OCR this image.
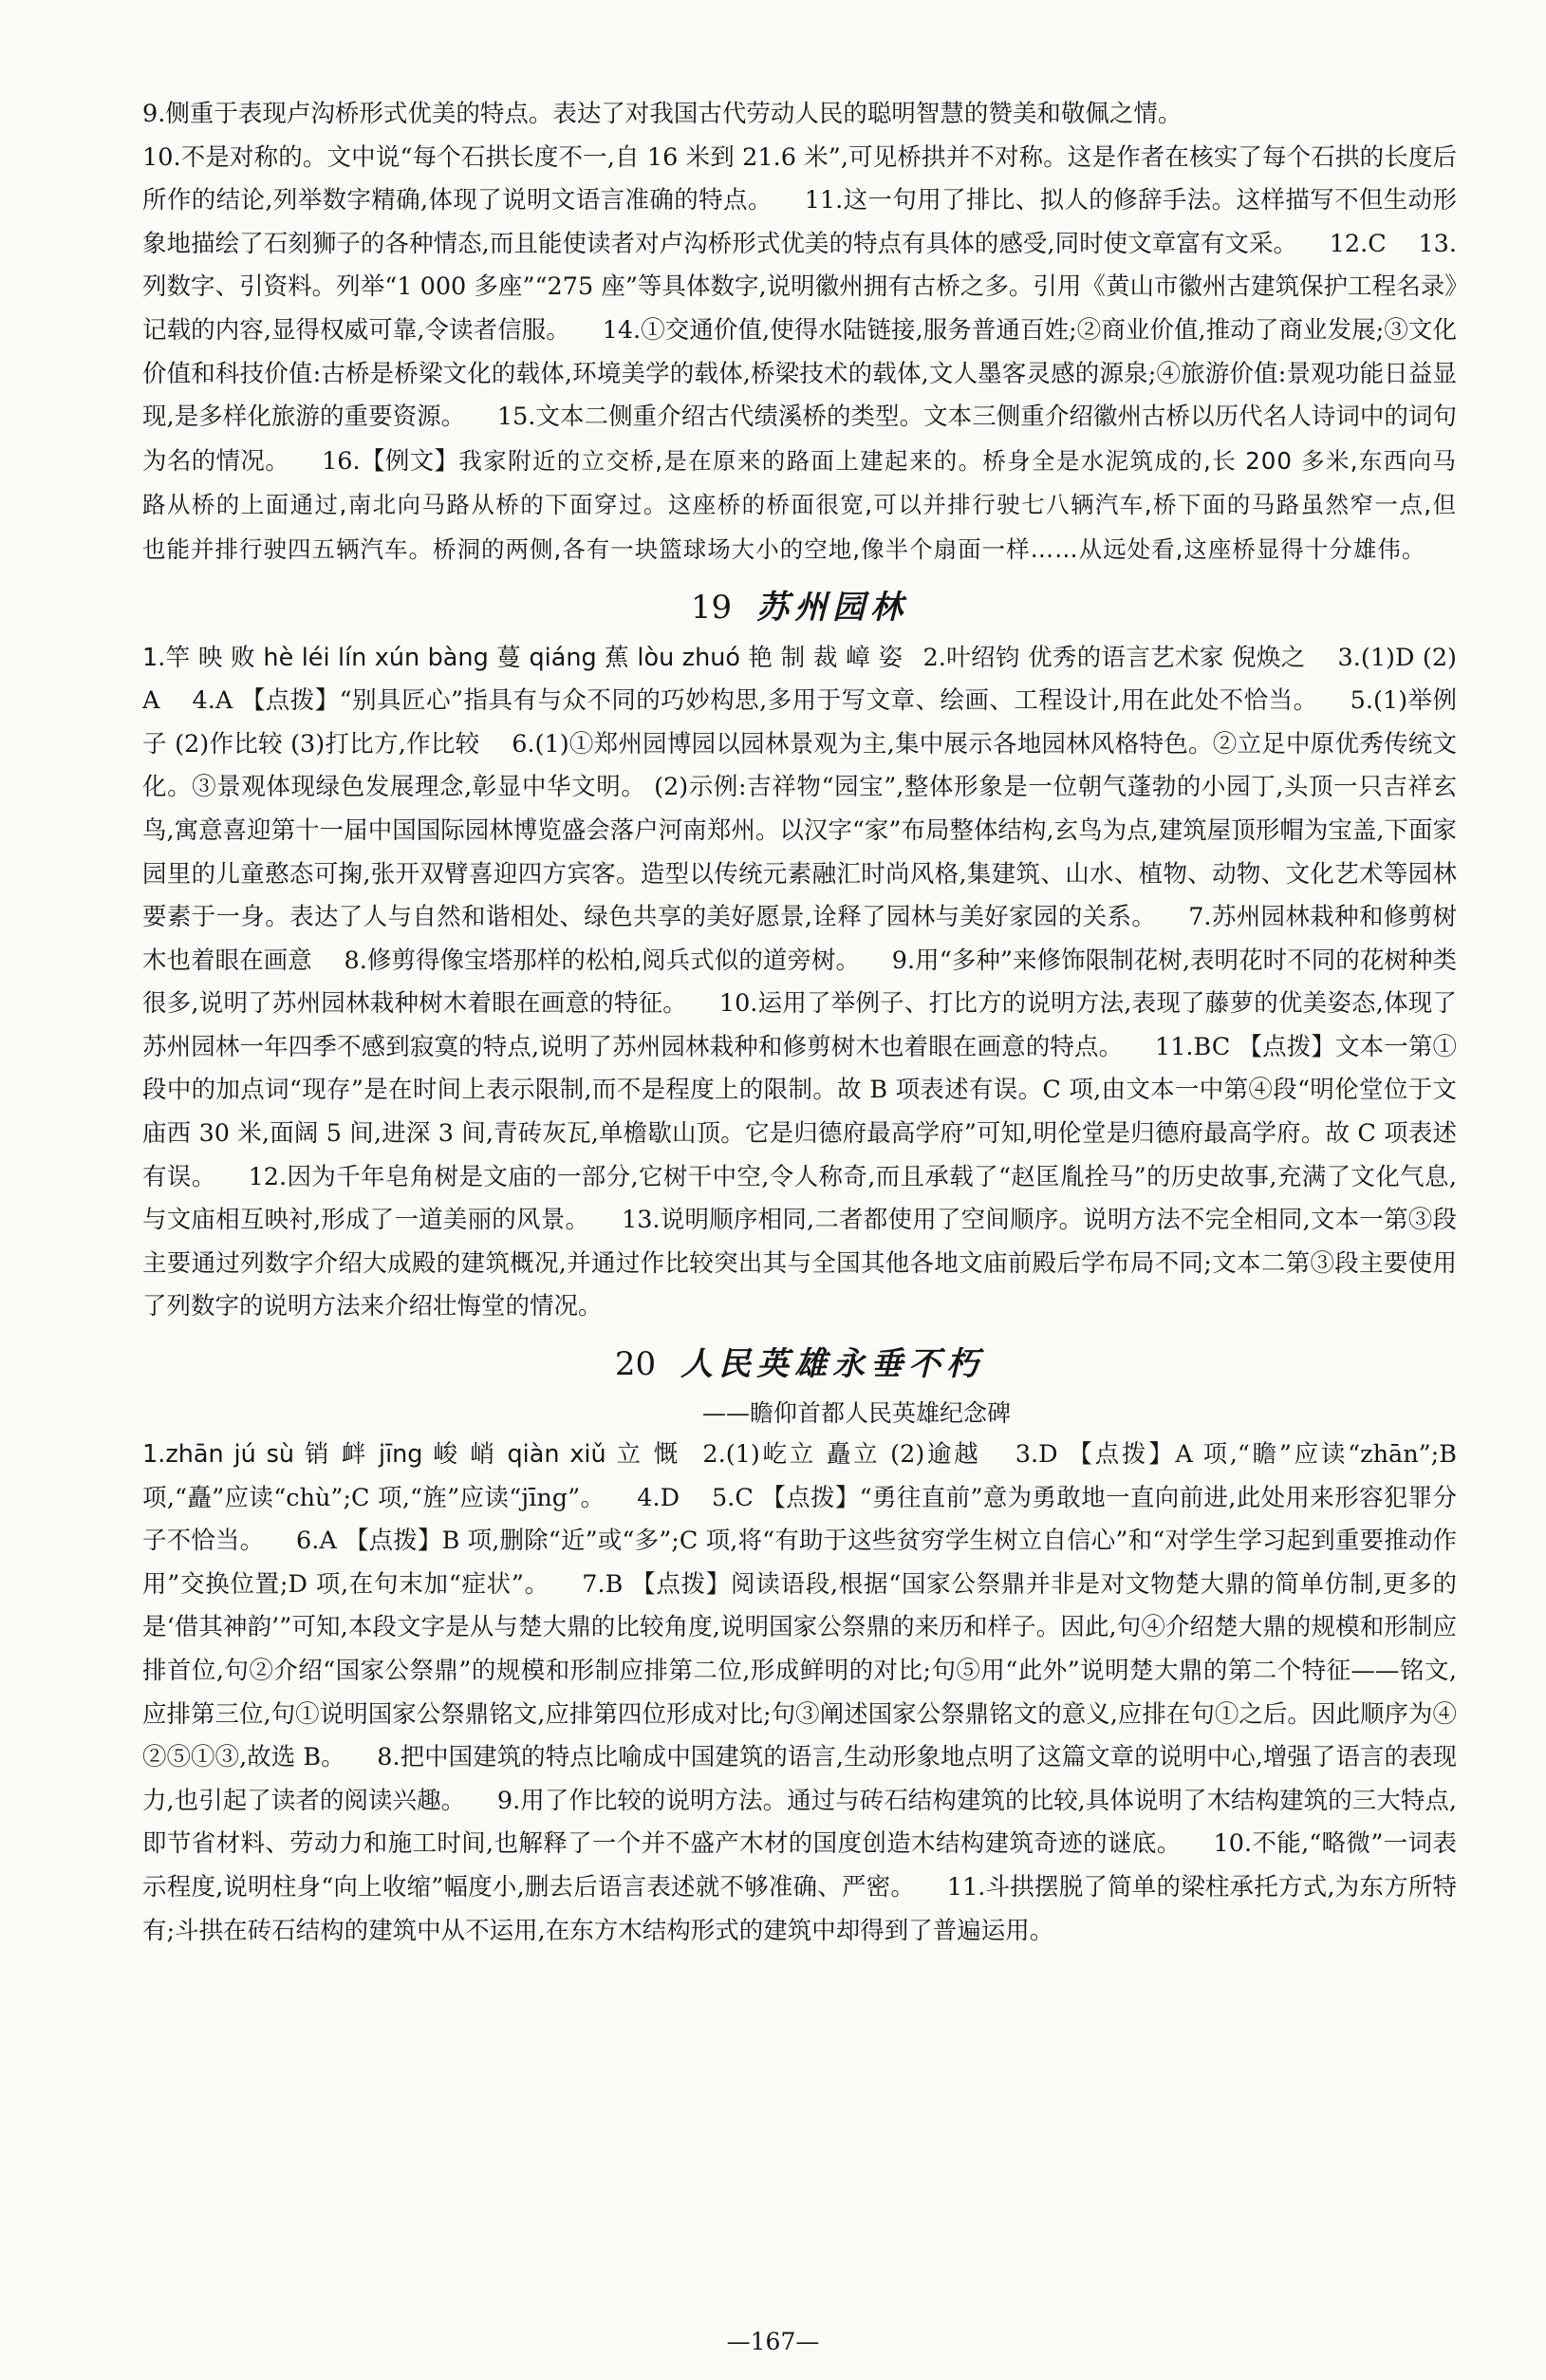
9.侧重于表现卢沟桥形式优美的特点。表达了对我国古代劳动人民的聪明智慧的赞美和敬佩之情。
10.不是对称的。文中说“每个石拱长度不一,自 16 米到 21.6 米”,可见桥拱并不对称。这是作者在核实了每个石拱的长度后所作的结论,列举数字精确,体现了说明文语言准确的特点。  11.这一句用了排比、拟人的修辞手法。这样描写不但生动形象地描绘了石刻狮子的各种情态,而且能使读者对卢沟桥形式优美的特点有具体的感受,同时使文章富有文采。  12.C  13.列数字、引资料。列举“1 000 多座”“275 座”等具体数字,说明徽州拥有古桥之多。引用《黄山市徽州古建筑保护工程名录》记载的内容,显得权威可靠,令读者信服。  14.①交通价值,使得水陆链接,服务普通百姓;②商业价值,推动了商业发展;③文化价值和科技价值:古桥是桥梁文化的载体,环境美学的载体,桥梁技术的载体,文人墨客灵感的源泉;④旅游价值:景观功能日益显现,是多样化旅游的重要资源。  15.文本二侧重介绍古代绩溪桥的类型。文本三侧重介绍徽州古桥以历代名人诗词中的词句为名的情况。  16.【例文】我家附近的立交桥,是在原来的路面上建起来的。桥身全是水泥筑成的,长 200 多米,东西向马路从桥的上面通过,南北向马路从桥的下面穿过。这座桥的桥面很宽,可以并排行驶七八辆汽车,桥下面的马路虽然窄一点,但也能并排行驶四五辆汽车。桥洞的两侧,各有一块篮球场大小的空地,像半个扇面一样……从远处看,这座桥显得十分雄伟。

19 苏州园林

1.竿 映 败 hè léi lín xún bàng 蔓 qiáng 蕉 lòu zhuó 艳 制 裁 嶂 姿  2.叶绍钧 优秀的语言艺术家 倪焕之  3.(1)D (2)A  4.A 【点拨】“别具匠心”指具有与众不同的巧妙构思,多用于写文章、绘画、工程设计,用在此处不恰当。  5.(1)举例子 (2)作比较 (3)打比方,作比较  6.(1)①郑州园博园以园林景观为主,集中展示各地园林风格特色。②立足中原优秀传统文化。③景观体现绿色发展理念,彰显中华文明。 (2)示例:吉祥物“园宝”,整体形象是一位朝气蓬勃的小园丁,头顶一只吉祥玄鸟,寓意喜迎第十一届中国国际园林博览盛会落户河南郑州。以汉字“家”布局整体结构,玄鸟为点,建筑屋顶形帽为宝盖,下面家园里的儿童憨态可掬,张开双臂喜迎四方宾客。造型以传统元素融汇时尚风格,集建筑、山水、植物、动物、文化艺术等园林要素于一身。表达了人与自然和谐相处、绿色共享的美好愿景,诠释了园林与美好家园的关系。  7.苏州园林栽种和修剪树木也着眼在画意  8.修剪得像宝塔那样的松柏,阅兵式似的道旁树。  9.用“多种”来修饰限制花树,表明花时不同的花树种类很多,说明了苏州园林栽种树木着眼在画意的特征。  10.运用了举例子、打比方的说明方法,表现了藤萝的优美姿态,体现了苏州园林一年四季不感到寂寞的特点,说明了苏州园林栽种和修剪树木也着眼在画意的特点。  11.BC 【点拨】文本一第①段中的加点词“现存”是在时间上表示限制,而不是程度上的限制。故 B 项表述有误。C 项,由文本一中第④段“明伦堂位于文庙西 30 米,面阔 5 间,进深 3 间,青砖灰瓦,单檐歇山顶。它是归德府最高学府”可知,明伦堂是归德府最高学府。故 C 项表述有误。  12.因为千年皂角树是文庙的一部分,它树干中空,令人称奇,而且承载了“赵匡胤拴马”的历史故事,充满了文化气息,与文庙相互映衬,形成了一道美丽的风景。  13.说明顺序相同,二者都使用了空间顺序。说明方法不完全相同,文本一第③段主要通过列数字介绍大成殿的建筑概况,并通过作比较突出其与全国其他各地文庙前殿后学布局不同;文本二第③段主要使用了列数字的说明方法来介绍壮悔堂的情况。

20 人民英雄永垂不朽
——瞻仰首都人民英雄纪念碑

1.zhān jú sù 销 衅 jīng 峻 峭 qiàn xiǔ 立 慨  2.(1)屹立 矗立 (2)逾越  3.D 【点拨】A 项,“瞻”应读“zhān”;B 项,“矗”应读“chù”;C 项,“旌”应读“jīng”。  4.D  5.C 【点拨】“勇往直前”意为勇敢地一直向前进,此处用来形容犯罪分子不恰当。  6.A 【点拨】B 项,删除“近”或“多”;C 项,将“有助于这些贫穷学生树立自信心”和“对学生学习起到重要推动作用”交换位置;D 项,在句末加“症状”。  7.B 【点拨】阅读语段,根据“国家公祭鼎并非是对文物楚大鼎的简单仿制,更多的是‘借其神韵’”可知,本段文字是从与楚大鼎的比较角度,说明国家公祭鼎的来历和样子。因此,句④介绍楚大鼎的规模和形制应排首位,句②介绍“国家公祭鼎”的规模和形制应排第二位,形成鲜明的对比;句⑤用“此外”说明楚大鼎的第二个特征——铭文,应排第三位,句①说明国家公祭鼎铭文,应排第四位形成对比;句③阐述国家公祭鼎铭文的意义,应排在句①之后。因此顺序为④②⑤①③,故选 B。  8.把中国建筑的特点比喻成中国建筑的语言,生动形象地点明了这篇文章的说明中心,增强了语言的表现力,也引起了读者的阅读兴趣。  9.用了作比较的说明方法。通过与砖石结构建筑的比较,具体说明了木结构建筑的三大特点,即节省材料、劳动力和施工时间,也解释了一个并不盛产木材的国度创造木结构建筑奇迹的谜底。  10.不能,“略微”一词表示程度,说明柱身“向上收缩”幅度小,删去后语言表述就不够准确、严密。  11.斗拱摆脱了简单的梁柱承托方式,为东方所特有;斗拱在砖石结构的建筑中从不运用,在东方木结构形式的建筑中却得到了普遍运用。

—167—
